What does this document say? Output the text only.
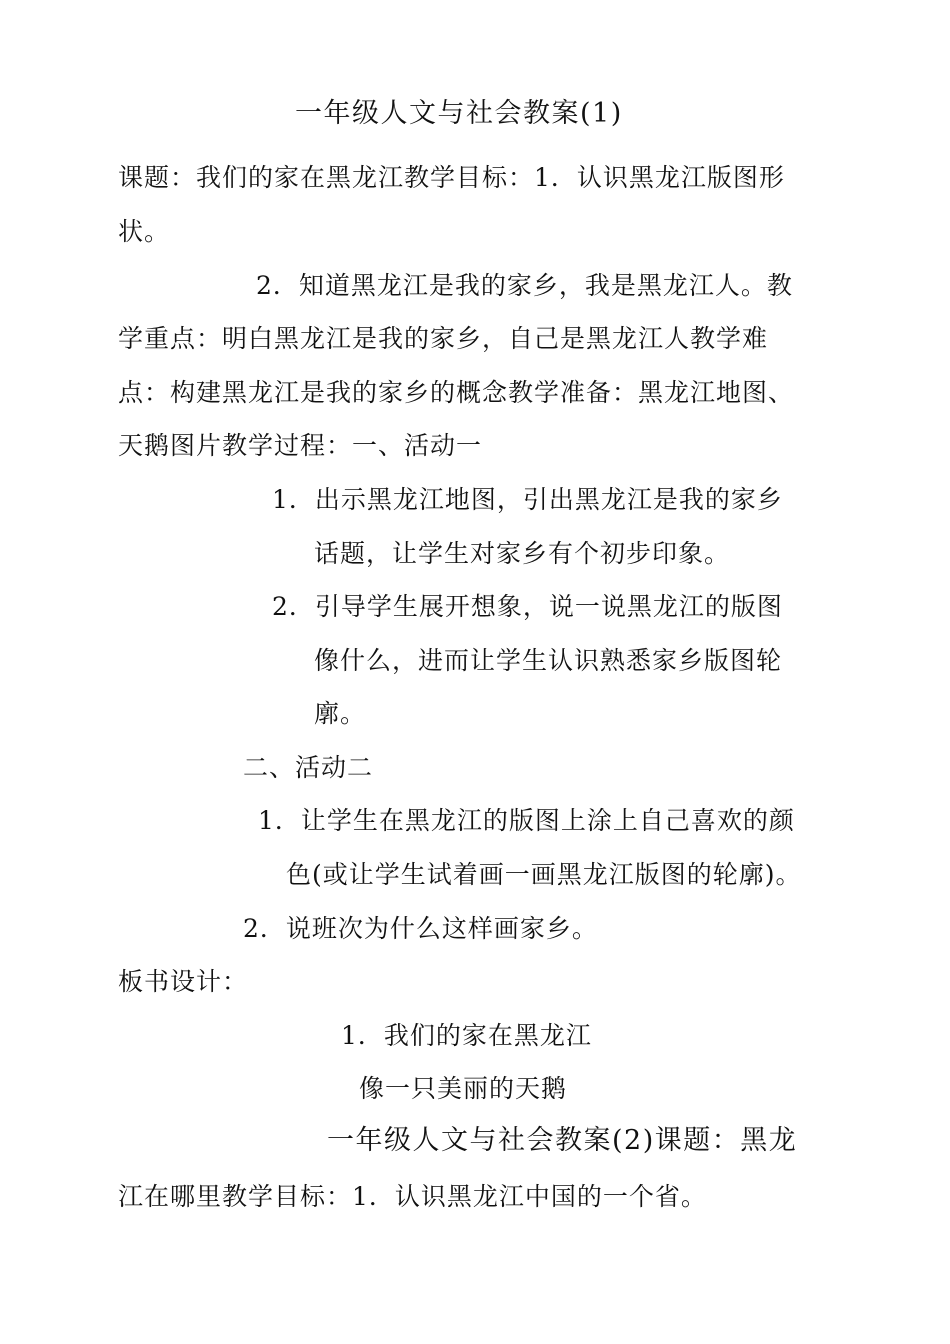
一年级人文与社会教案(1)

课题：我们的家在黑龙江教学目标：1．认识黑龙江版图形

状。

2．知道黑龙江是我的家乡，我是黑龙江人。教

学重点：明白黑龙江是我的家乡，自己是黑龙江人教学难

点：构建黑龙江是我的家乡的概念教学准备：黑龙江地图、

天鹅图片教学过程：一、活动一

1．出示黑龙江地图，引出黑龙江是我的家乡

话题，让学生对家乡有个初步印象。

2．引导学生展开想象，说一说黑龙江的版图

像什么，进而让学生认识熟悉家乡版图轮

廓。

二、活动二

1．让学生在黑龙江的版图上涂上自己喜欢的颜

色(或让学生试着画一画黑龙江版图的轮廓)。

2．说班次为什么这样画家乡。

板书设计：

1．我们的家在黑龙江

像一只美丽的天鹅

一年级人文与社会教案(2)课题：黑龙

江在哪里教学目标：1．认识黑龙江中国的一个省。
